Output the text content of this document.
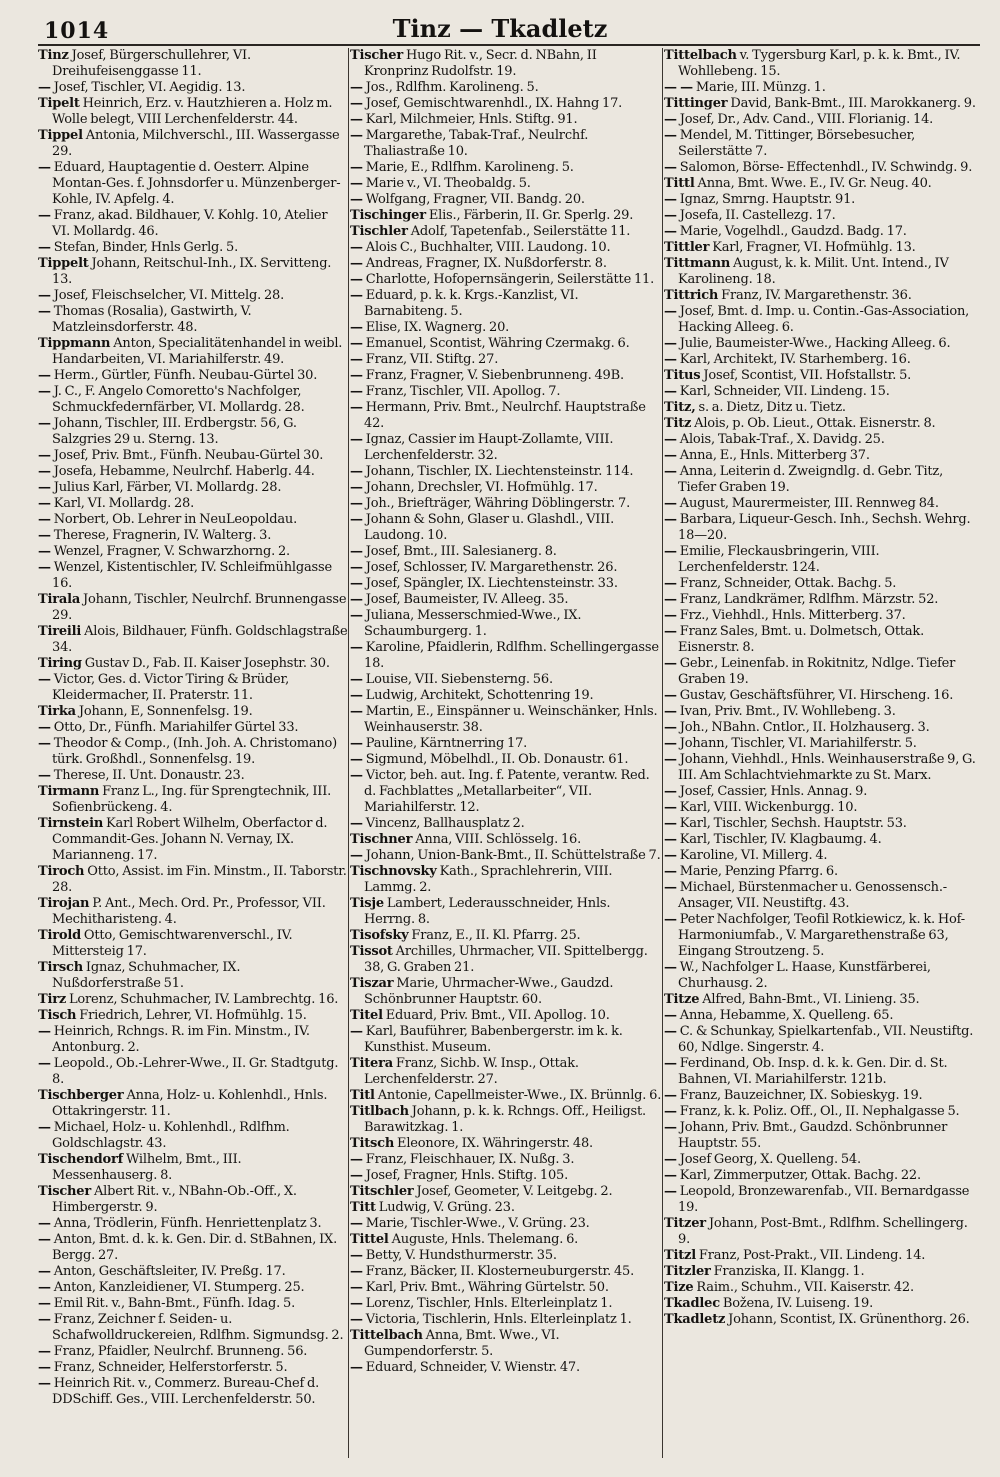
1014	Tinz — Tkadletz

Tinz Josef, Bürgerschullehrer, VI. Dreihufeisenggasse 11.

— Josef, Tischler, VI. Aegidig. 13.

Tipelt Heinrich, Erz. v. Hautzhieren a. Holz m. Wolle belegt, VIII Lerchenfelderstr. 44.

Tippel Antonia, Milchverschl., III. Wassergasse 29.

— Eduard, Hauptagentie d. Oesterr. Alpine Montan-Ges. f. Johnsdorfer u. Münzenberger-Kohle, IV. Apfelg. 4.

— Franz, akad. Bildhauer, V. Kohlg. 10, Atelier VI. Mollardg. 46.

— Stefan, Binder, Hnls Gerlg. 5.

Tippelt Johann, Reitschul-Inh., IX. Servitteng. 13.

— Josef, Fleischselcher, VI. Mittelg. 28.

— Thomas (Rosalia), Gastwirth, V. Matzleinsdorferstr. 48.

Tippmann Anton, Specialitätenhandel in weibl. Handarbeiten, VI. Mariahilferstr. 49.

— Herm., Gürtler, Fünfh. Neubau-Gürtel 30.

— J. C., F. Angelo Comoretto's Nachfolger, Schmuckfedernfärber, VI. Mollardg. 28.

— Johann, Tischler, III. Erdbergstr. 56, G. Salzgries 29 u. Sterng. 13.

— Josef, Priv. Bmt., Fünfh. Neubau-Gürtel 30.

— Josefa, Hebamme, Neulrchf. Haberlg. 44.

— Julius Karl, Färber, VI. Mollardg. 28.

— Karl, VI. Mollardg. 28.

— Norbert, Ob. Lehrer in NeuLeopoldau.

— Therese, Fragnerin, IV. Walterg. 3.

— Wenzel, Fragner, V. Schwarzhorng. 2.

— Wenzel, Kistentischler, IV. Schleifmühlgasse 16.

Tirala Johann, Tischler, Neulrchf. Brunnengasse 29.

Tireili Alois, Bildhauer, Fünfh. Goldschlagstraße 34.

Tiring Gustav D., Fab. II. Kaiser Josephstr. 30.

— Victor, Ges. d. Victor Tiring & Brüder, Kleidermacher, II. Praterstr. 11.

Tirka Johann, E, Sonnenfelsg. 19.

— Otto, Dr., Fünfh. Mariahilfer Gürtel 33.

— Theodor & Comp., (Inh. Joh. A. Christomano) türk. Großhdl., Sonnenfelsg. 19.

— Therese, II. Unt. Donaustr. 23.

Tirmann Franz L., Ing. für Sprengtechnik, III. Sofienbrückeng. 4.

Tirnstein Karl Robert Wilhelm, Oberfactor d. Commandit-Ges. Johann N. Vernay, IX. Marianneng. 17.

Tiroch Otto, Assist. im Fin. Minstm., II. Taborstr. 28.

Tirojan P. Ant., Mech. Ord. Pr., Professor, VII. Mechitharisteng. 4.

Tirold Otto, Gemischtwarenverschl., IV. Mittersteig 17.

Tirsch Ignaz, Schuhmacher, IX. Nußdorferstraße 51.

Tirz Lorenz, Schuhmacher, IV. Lambrechtg. 16.

Tisch Friedrich, Lehrer, VI. Hofmühlg. 15.

— Heinrich, Rchngs. R. im Fin. Minstm., IV. Antonburg. 2.

— Leopold., Ob.-Lehrer-Wwe., II. Gr. Stadtgutg. 8.

Tischberger Anna, Holz- u. Kohlenhdl., Hnls. Ottakringerstr. 11.

— Michael, Holz- u. Kohlenhdl., Rdlfhm. Goldschlagstr. 43.

Tischendorf Wilhelm, Bmt., III. Messenhauserg. 8.

Tischer Albert Rit. v., NBahn-Ob.-Off., X. Himbergerstr. 9.

— Anna, Trödlerin, Fünfh. Henriettenplatz 3.

— Anton, Bmt. d. k. k. Gen. Dir. d. StBahnen, IX. Bergg. 27.

— Anton, Geschäftsleiter, IV. Preßg. 17.

— Anton, Kanzleidiener, VI. Stumperg. 25.

— Emil Rit. v., Bahn-Bmt., Fünfh. Idag. 5.

— Franz, Zeichner f. Seiden- u. Schafwolldruckereien, Rdlfhm. Sigmundsg. 2.

— Franz, Pfaidler, Neulrchf. Brunneng. 56.

— Franz, Schneider, Helferstorferstr. 5.

— Heinrich Rit. v., Commerz. Bureau-Chef d. DDSchiff. Ges., VIII. Lerchenfelderstr. 50.

Tischer Hugo Rit. v., Secr. d. NBahn, II Kronprinz Rudolfstr. 19.

— Jos., Rdlfhm. Karolineng. 5.

— Josef, Gemischtwarenhdl., IX. Hahng 17.

— Karl, Milchmeier, Hnls. Stiftg. 91.

— Margarethe, Tabak-Traf., Neulrchf. Thaliastraße 10.

— Marie, E., Rdlfhm. Karolineng. 5.

— Marie v., VI. Theobaldg. 5.

— Wolfgang, Fragner, VII. Bandg. 20.

Tischinger Elis., Färberin, II. Gr. Sperlg. 29.

Tischler Adolf, Tapetenfab., Seilerstätte 11.

— Alois C., Buchhalter, VIII. Laudong. 10.

— Andreas, Fragner, IX. Nußdorferstr. 8.

— Charlotte, Hofopernsängerin, Seilerstätte 11.

— Eduard, p. k. k. Krgs.-Kanzlist, VI. Barnabiteng. 5.

— Elise, IX. Wagnerg. 20.

— Emanuel, Scontist, Währing Czermakg. 6.

— Franz, VII. Stiftg. 27.

— Franz, Fragner, V. Siebenbrunneng. 49B.

— Franz, Tischler, VII. Apollog. 7.

— Hermann, Priv. Bmt., Neulrchf. Hauptstraße 42.

— Ignaz, Cassier im Haupt-Zollamte, VIII. Lerchenfelderstr. 32.

— Johann, Tischler, IX. Liechtensteinstr. 114.

— Johann, Drechsler, VI. Hofmühlg. 17.

— Joh., Briefträger, Währing Döblingerstr. 7.

— Johann & Sohn, Glaser u. Glashdl., VIII. Laudong. 10.

— Josef, Bmt., III. Salesianerg. 8.

— Josef, Schlosser, IV. Margarethenstr. 26.

— Josef, Spängler, IX. Liechtensteinstr. 33.

— Josef, Baumeister, IV. Alleeg. 35.

— Juliana, Messerschmied-Wwe., IX. Schaumburgerg. 1.

— Karoline, Pfaidlerin, Rdlfhm. Schellingergasse 18.

— Louise, VII. Siebensterng. 56.

— Ludwig, Architekt, Schottenring 19.

— Martin, E., Einspänner u. Weinschänker, Hnls. Weinhauserstr. 38.

— Pauline, Kärntnerring 17.

— Sigmund, Möbelhdl., II. Ob. Donaustr. 61.

— Victor, beh. aut. Ing. f. Patente, verantw. Red. d. Fachblattes „Metallarbeiter“, VII. Mariahilferstr. 12.

— Vincenz, Ballhausplatz 2.

Tischner Anna, VIII. Schlösselg. 16.

— Johann, Union-Bank-Bmt., II. Schüttelstraße 7.

Tischnovsky Kath., Sprachlehrerin, VIII. Lammg. 2.

Tisje Lambert, Lederausschneider, Hnls. Herrng. 8.

Tisofsky Franz, E., II. Kl. Pfarrg. 25.

Tissot Archilles, Uhrmacher, VII. Spittelbergg. 38, G. Graben 21.

Tiszar Marie, Uhrmacher-Wwe., Gaudzd. Schönbrunner Hauptstr. 60.

Titel Eduard, Priv. Bmt., VII. Apollog. 10.

— Karl, Bauführer, Babenbergerstr. im k. k. Kunsthist. Museum.

Titera Franz, Sichb. W. Insp., Ottak. Lerchenfelderstr. 27.

Titl Antonie, Capellmeister-Wwe., IX. Brünnlg. 6.

Titlbach Johann, p. k. k. Rchngs. Off., Heiligst. Barawitzkag. 1.

Titsch Eleonore, IX. Währingerstr. 48.

— Franz, Fleischhauer, IX. Nußg. 3.

— Josef, Fragner, Hnls. Stiftg. 105.

Titschler Josef, Geometer, V. Leitgebg. 2.

Titt Ludwig, V. Grüng. 23.

— Marie, Tischler-Wwe., V. Grüng. 23.

Tittel Auguste, Hnls. Thelemang. 6.

— Betty, V. Hundsthurmerstr. 35.

— Franz, Bäcker, II. Klosterneuburgerstr. 45.

— Karl, Priv. Bmt., Währing Gürtelstr. 50.

— Lorenz, Tischler, Hnls. Elterleinplatz 1.

— Victoria, Tischlerin, Hnls. Elterleinplatz 1.

Tittelbach Anna, Bmt. Wwe., VI. Gumpendorferstr. 5.

— Eduard, Schneider, V. Wienstr. 47.

Tittelbach v. Tygersburg Karl, p. k. k. Bmt., IV. Wohllebeng. 15.

— — Marie, III. Münzg. 1.

Tittinger David, Bank-Bmt., III. Marokkanerg. 9.

— Josef, Dr., Adv. Cand., VIII. Florianig. 14.

— Mendel, M. Tittinger, Börsebesucher, Seilerstätte 7.

— Salomon, Börse- Effectenhdl., IV. Schwindg. 9.

Tittl Anna, Bmt. Wwe. E., IV. Gr. Neug. 40.

— Ignaz, Smrng. Hauptstr. 91.

— Josefa, II. Castellezg. 17.

— Marie, Vogelhdl., Gaudzd. Badg. 17.

Tittler Karl, Fragner, VI. Hofmühlg. 13.

Tittmann August, k. k. Milit. Unt. Intend., IV Karolineng. 18.

Tittrich Franz, IV. Margarethenstr. 36.

— Josef, Bmt. d. Imp. u. Contin.-Gas-Association, Hacking Alleeg. 6.

— Julie, Baumeister-Wwe., Hacking Alleeg. 6.

— Karl, Architekt, IV. Starhemberg. 16.

Titus Josef, Scontist, VII. Hofstallstr. 5.

— Karl, Schneider, VII. Lindeng. 15.

Titz, s. a. Dietz, Ditz u. Tietz.

Titz Alois, p. Ob. Lieut., Ottak. Eisnerstr. 8.

— Alois, Tabak-Traf., X. Davidg. 25.

— Anna, E., Hnls. Mitterberg 37.

— Anna, Leiterin d. Zweigndlg. d. Gebr. Titz, Tiefer Graben 19.

— August, Maurermeister, III. Rennweg 84.

— Barbara, Liqueur-Gesch. Inh., Sechsh. Wehrg. 18—20.

— Emilie, Fleckausbringerin, VIII. Lerchenfelderstr. 124.

— Franz, Schneider, Ottak. Bachg. 5.

— Franz, Landkrämer, Rdlfhm. Märzstr. 52.

— Frz., Viehhdl., Hnls. Mitterberg. 37.

— Franz Sales, Bmt. u. Dolmetsch, Ottak. Eisnerstr. 8.

— Gebr., Leinenfab. in Rokitnitz, Ndlge. Tiefer Graben 19.

— Gustav, Geschäftsführer, VI. Hirscheng. 16.

— Ivan, Priv. Bmt., IV. Wohllebeng. 3.

— Joh., NBahn. Cntlor., II. Holzhauserg. 3.

— Johann, Tischler, VI. Mariahilferstr. 5.

— Johann, Viehhdl., Hnls. Weinhauserstraße 9, G. III. Am Schlachtviehmarkte zu St. Marx.

— Josef, Cassier, Hnls. Annag. 9.

— Karl, VIII. Wickenburgg. 10.

— Karl, Tischler, Sechsh. Hauptstr. 53.

— Karl, Tischler, IV. Klagbaumg. 4.

— Karoline, VI. Millerg. 4.

— Marie, Penzing Pfarrg. 6.

— Michael, Bürstenmacher u. Genossensch.-Ansager, VII. Neustiftg. 43.

— Peter Nachfolger, Teofil Rotkiewicz, k. k. Hof-Harmoniumfab., V. Margarethenstraße 63, Eingang Stroutzeng. 5.

— W., Nachfolger L. Haase, Kunstfärberei, Churhausg. 2.

Titze Alfred, Bahn-Bmt., VI. Linieng. 35.

— Anna, Hebamme, X. Quelleng. 65.

— C. & Schunkay, Spielkartenfab., VII. Neustiftg. 60, Ndlge. Singerstr. 4.

— Ferdinand, Ob. Insp. d. k. k. Gen. Dir. d. St. Bahnen, VI. Mariahilferstr. 121b.

— Franz, Bauzeichner, IX. Sobieskyg. 19.

— Franz, k. k. Poliz. Off., Ol., II. Nephalgasse 5.

— Johann, Priv. Bmt., Gaudzd. Schönbrunner Hauptstr. 55.

— Josef Georg, X. Quelleng. 54.

— Karl, Zimmerputzer, Ottak. Bachg. 22.

— Leopold, Bronzewarenfab., VII. Bernardgasse 19.

Titzer Johann, Post-Bmt., Rdlfhm. Schellingerg. 9.

Titzl Franz, Post-Prakt., VII. Lindeng. 14.

Titzler Franziska, II. Klangg. 1.

Tize Raim., Schuhm., VII. Kaiserstr. 42.

Tkadlec Božena, IV. Luiseng. 19.

Tkadletz Johann, Scontist, IX. Grünenthorg. 26.
